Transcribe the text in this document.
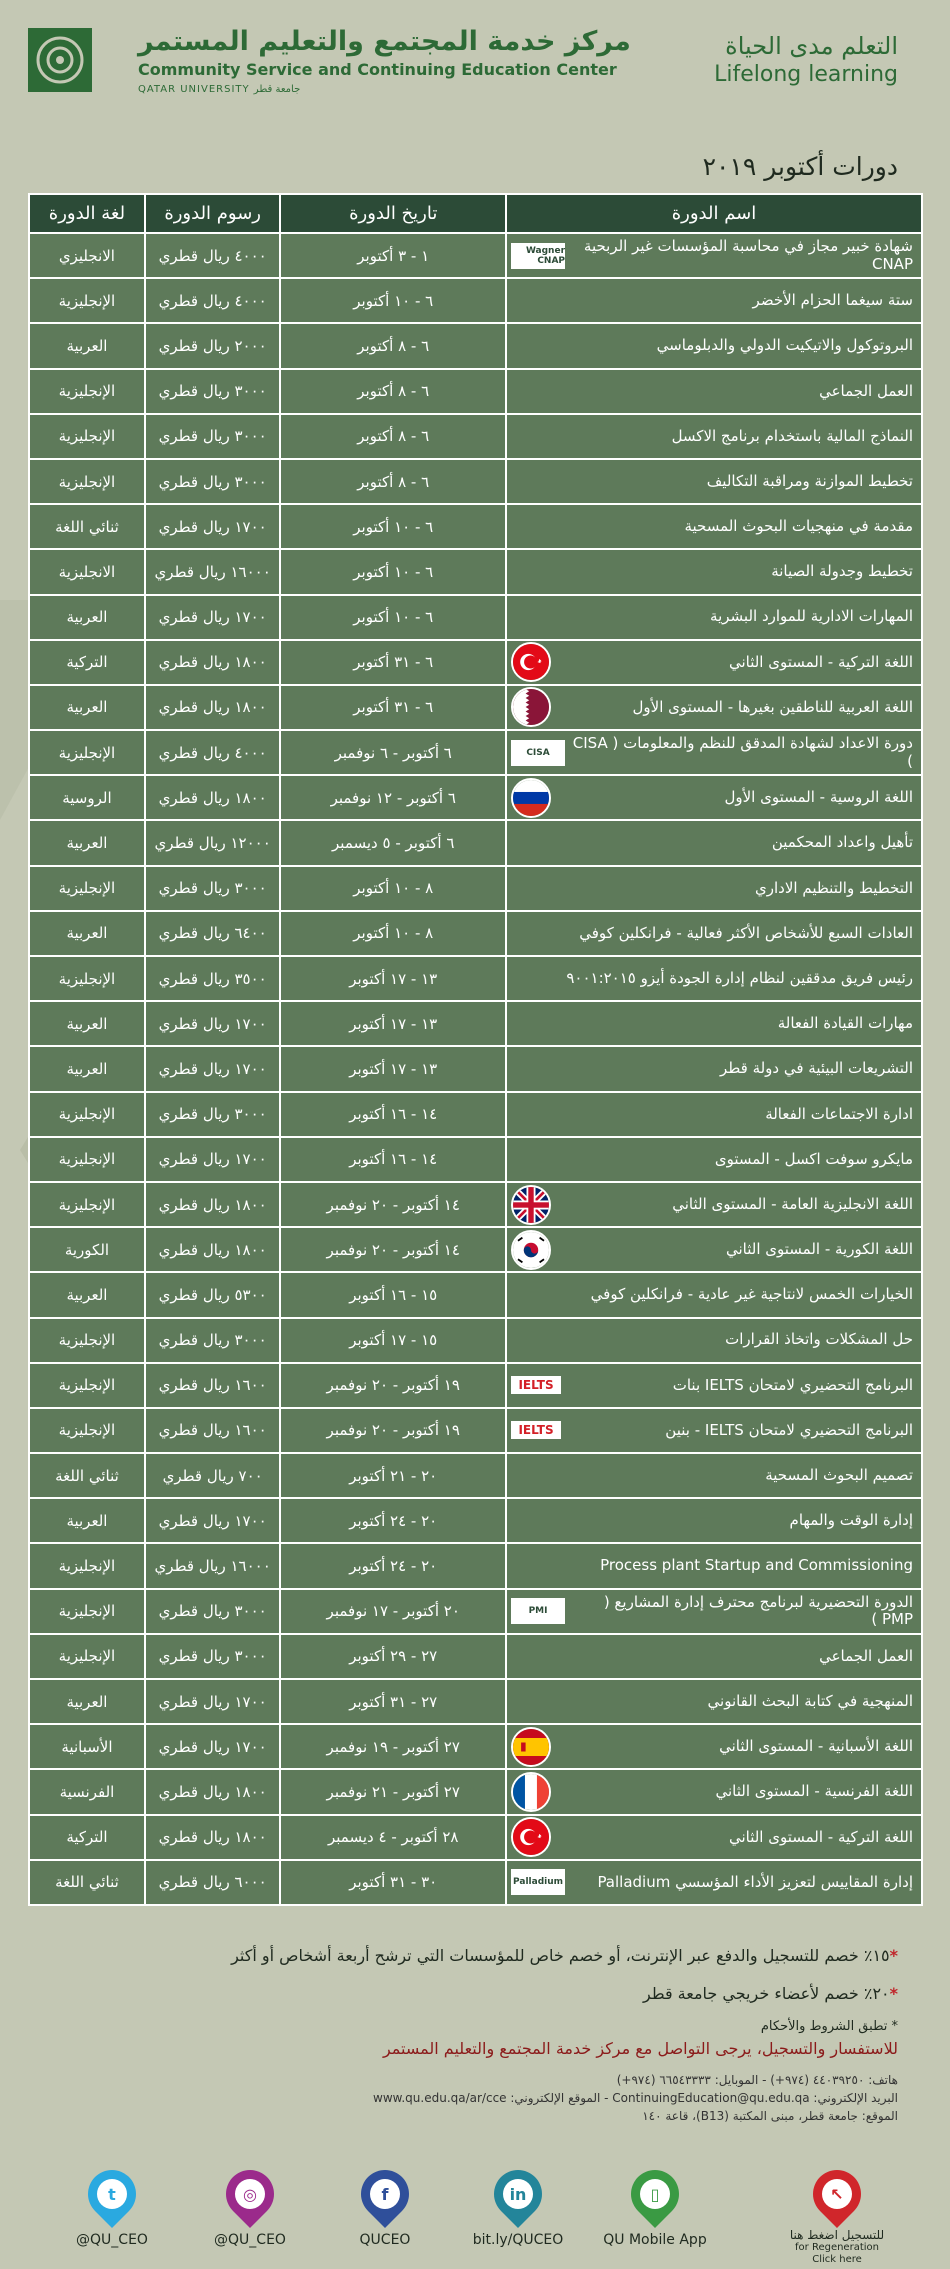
مركز خدمة المجتمع والتعليم المستمر
Community Service and Continuing Education Center
QATAR UNIVERSITY جامعة قطر
التعلم مدى الحياة
Lifelong learning
دورات أكتوبر ٢٠١٩
لغة الدورة	رسوم الدورة	تاريخ الدورة	اسم الدورة
الانجليزي	٤٠٠٠ ريال قطري	١ - ٣ أكتوبر	شهادة خبير مجاز في محاسبة المؤسسات غير الربحية CNAP
Wagner CNAP

الإنجليزية	٤٠٠٠ ريال قطري	٦ - ١٠ أكتوبر	ستة سيغما الحزام الأخضر

العربية	٢٠٠٠ ريال قطري	٦ - ٨ أكتوبر	البروتوكول والاتيكيت الدولي والدبلوماسي

الإنجليزية	٣٠٠٠ ريال قطري	٦ - ٨ أكتوبر	العمل الجماعي

الإنجليزية	٣٠٠٠ ريال قطري	٦ - ٨ أكتوبر	النماذج المالية باستخدام برنامج الاكسل

الإنجليزية	٣٠٠٠ ريال قطري	٦ - ٨ أكتوبر	تخطيط الموازنة ومراقبة التكاليف

ثنائي اللغة	١٧٠٠ ريال قطري	٦ - ١٠ أكتوبر	مقدمة في منهجيات البحوث المسحية

الانجليزية	١٦٠٠٠ ريال قطري	٦ - ١٠ أكتوبر	تخطيط وجدولة الصيانة

العربية	١٧٠٠ ريال قطري	٦ - ١٠ أكتوبر	المهارات الادارية للموارد البشرية

التركية	١٨٠٠ ريال قطري	٦ - ٣١ أكتوبر	اللغة التركية - المستوى الثاني

العربية	١٨٠٠ ريال قطري	٦ - ٣١ أكتوبر	اللغة العربية للناطقين بغيرها - المستوى الأول

الإنجليزية	٤٠٠٠ ريال قطري	٦ أكتوبر - ٦ نوفمبر	دورة الاعداد لشهادة المدقق للنظم والمعلومات ( CISA )
CISA

الروسية	١٨٠٠ ريال قطري	٦ أكتوبر - ١٢ نوفمبر	اللغة الروسية - المستوى الأول

العربية	١٢٠٠٠ ريال قطري	٦ أكتوبر - ٥ ديسمبر	تأهيل واعداد المحكمين

الإنجليزية	٣٠٠٠ ريال قطري	٨ - ١٠ أكتوبر	التخطيط والتنظيم الاداري

العربية	٦٤٠٠ ريال قطري	٨ - ١٠ أكتوبر	العادات السبع للأشخاص الأكثر فعالية - فرانكلين كوفي

الإنجليزية	٣٥٠٠ ريال قطري	١٣ - ١٧ أكتوبر	رئيس فريق مدققين لنظام إدارة الجودة أيزو ٩٠٠١:٢٠١٥

العربية	١٧٠٠ ريال قطري	١٣ - ١٧ أكتوبر	مهارات القيادة الفعالة

العربية	١٧٠٠ ريال قطري	١٣ - ١٧ أكتوبر	التشريعات البيئية في دولة قطر

الإنجليزية	٣٠٠٠ ريال قطري	١٤ - ١٦ أكتوبر	ادارة الاجتماعات الفعالة

الإنجليزية	١٧٠٠ ريال قطري	١٤ - ١٦ أكتوبر	مايكرو سوفت اكسل - المستوى

الإنجليزية	١٨٠٠ ريال قطري	١٤ أكتوبر - ٢٠ نوفمبر	اللغة الانجليزية العامة - المستوى الثاني

الكورية	١٨٠٠ ريال قطري	١٤ أكتوبر - ٢٠ نوفمبر	اللغة الكورية - المستوى الثاني

العربية	٥٣٠٠ ريال قطري	١٥ - ١٦ أكتوبر	الخيارات الخمس لانتاجية غير عادية - فرانكلين كوفي

الإنجليزية	٣٠٠٠ ريال قطري	١٥ - ١٧ أكتوبر	حل المشكلات واتخاذ القرارات

الإنجليزية	١٦٠٠ ريال قطري	١٩ أكتوبر - ٢٠ نوفمبر	البرنامج التحضيري لامتحان IELTS بنات
IELTS

الإنجليزية	١٦٠٠ ريال قطري	١٩ أكتوبر - ٢٠ نوفمبر	البرنامج التحضيري لامتحان IELTS - بنين
IELTS

ثنائي اللغة	٧٠٠ ريال قطري	٢٠ - ٢١ أكتوبر	تصميم البحوث المسحية

العربية	١٧٠٠ ريال قطري	٢٠ - ٢٤ أكتوبر	إدارة الوقت والمهام

الإنجليزية	١٦٠٠٠ ريال قطري	٢٠ - ٢٤ أكتوبر	Process plant Startup and Commissioning

الإنجليزية	٣٠٠٠ ريال قطري	٢٠ أكتوبر - ١٧ نوفمبر	الدورة التحضيرية لبرنامج محترف إدارة المشاريع ( PMP )
PMI

الإنجليزية	٣٠٠٠ ريال قطري	٢٧ - ٢٩ أكتوبر	العمل الجماعي

العربية	١٧٠٠ ريال قطري	٢٧ - ٣١ أكتوبر	المنهجية في كتابة البحث القانوني

الأسبانية	١٧٠٠ ريال قطري	٢٧ أكتوبر - ١٩ نوفمبر	اللغة الأسبانية - المستوى الثاني

الفرنسية	١٨٠٠ ريال قطري	٢٧ أكتوبر - ٢١ نوفمبر	اللغة الفرنسية - المستوى الثاني

التركية	١٨٠٠ ريال قطري	٢٨ أكتوبر - ٤ ديسمبر	اللغة التركية - المستوى الثاني

ثنائي اللغة	٦٠٠٠ ريال قطري	٣٠ - ٣١ أكتوبر	إدارة المقاييس لتعزيز الأداء المؤسسي Palladium
Palladium
*١٥٪ خصم للتسجيل والدفع عبر الإنترنت، أو خصم خاص للمؤسسات التي ترشح أربعة أشخاص أو أكثر
*٢٠٪ خصم لأعضاء خريجي جامعة قطر
* تطبق الشروط والأحكام
للاستفسار والتسجيل، يرجى التواصل مع مركز خدمة المجتمع والتعليم المستمر
هاتف: ٤٤٠٣٩٢٥٠ (٩٧٤+) - الموبايل: ٦٦٥٤٣٣٣٣ (٩٧٤+)
البريد الإلكتروني: ContinuingEducation@qu.edu.qa - الموقع الإلكتروني: www.qu.edu.qa/ar/cce
الموقع: جامعة قطر، مبنى المكتبة (B13)، قاعة ١٤٠
t
@QU_CEO
◎
@QU_CEO
f
QUCEO
in
bit.ly/QUCEO
▯
QU Mobile App
↖
للتسجيل اضغط هنا
for Regeneration Click here
